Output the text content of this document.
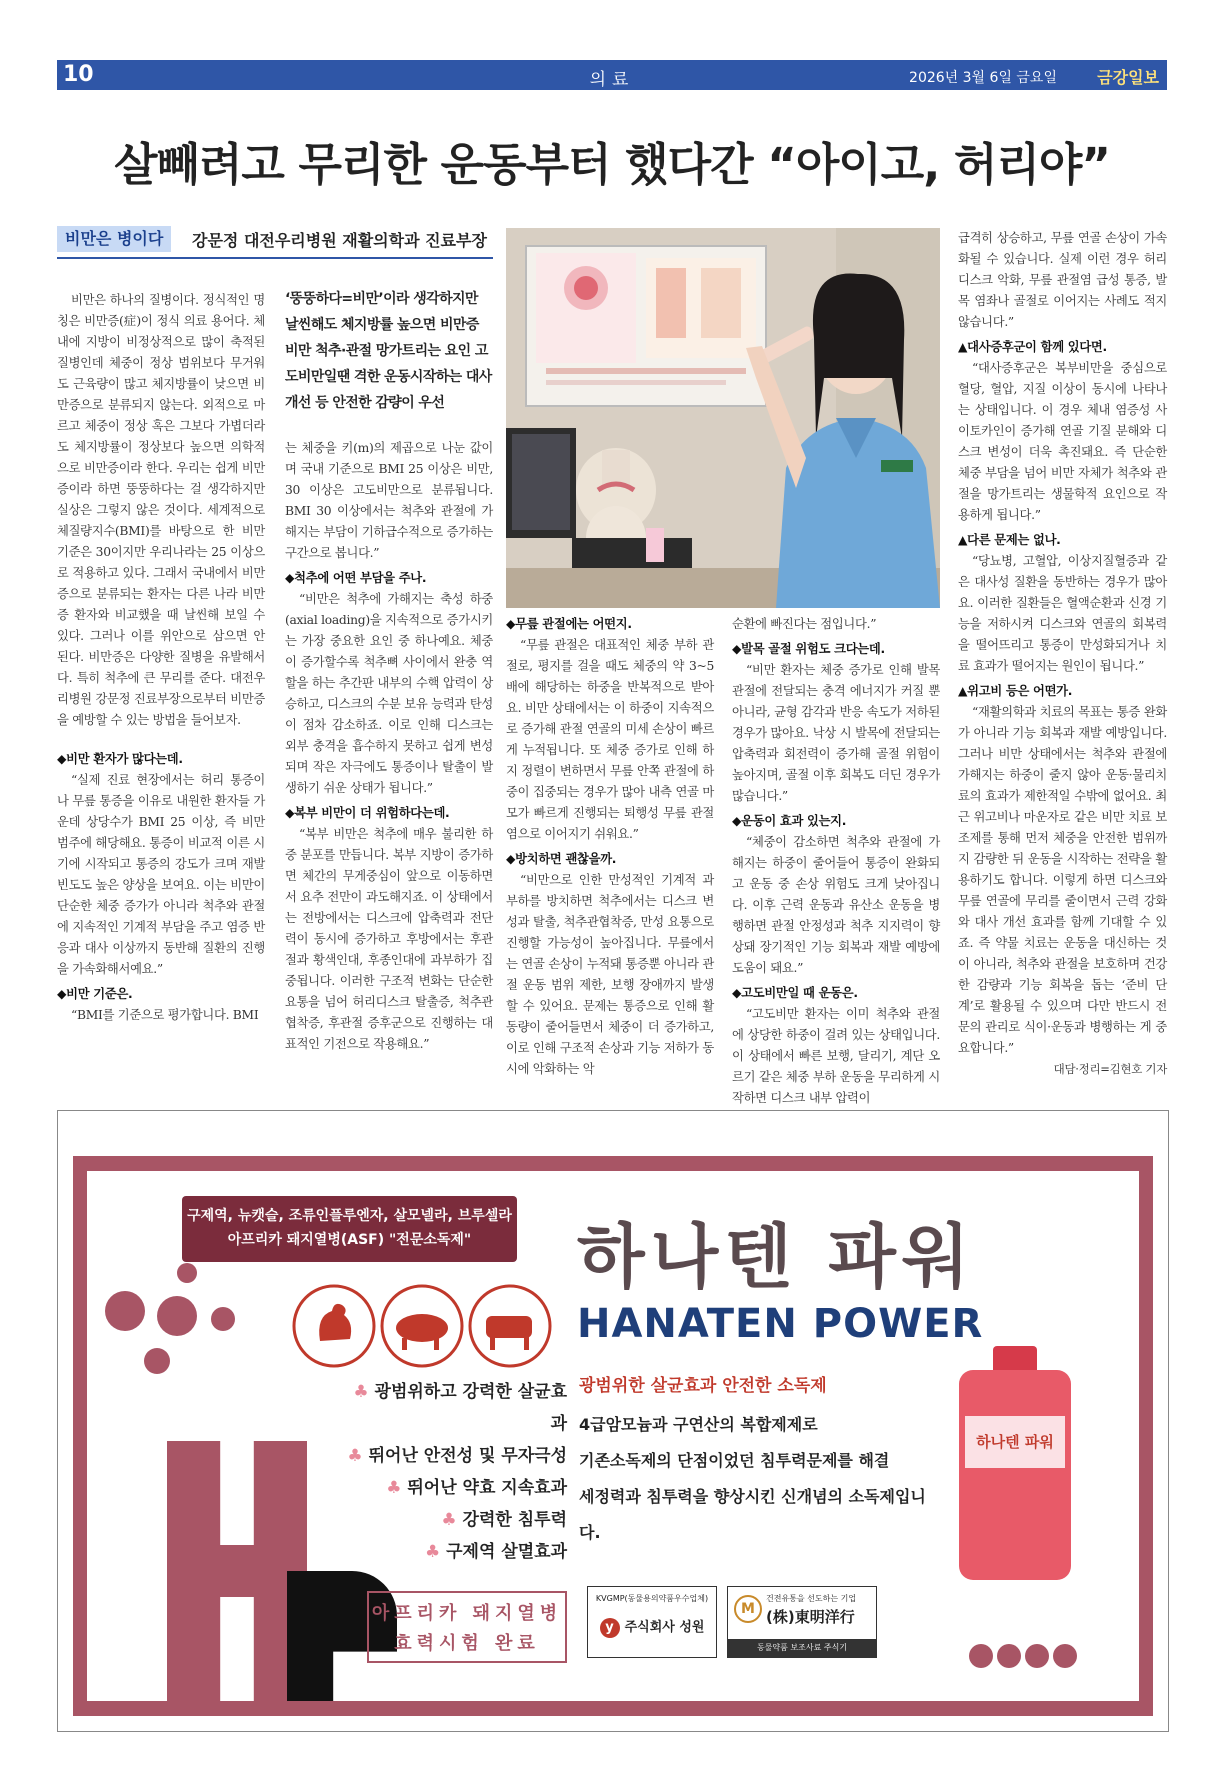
10	의료	2026년 3월 6일 금요일	금강일보
살빼려고 무리한 운동부터 했다간 “아이고, 허리야”
비만은 병이다	강문정 대전우리병원 재활의학과 진료부장

비만은 하나의 질병이다. 정식적인 명칭은 비만증(症)이 정식 의료 용어다. 체내에 지방이 비정상적으로 많이 축적된 질병인데 체중이 정상 범위보다 무거워도 근육량이 많고 체지방률이 낮으면 비만증으로 분류되지 않는다. 외적으로 마르고 체중이 정상 혹은 그보다 가볍더라도 체지방률이 정상보다 높으면 의학적으로 비만증이라 한다. 우리는 쉽게 비만증이라 하면 뚱뚱하다는 걸 생각하지만 실상은 그렇지 않은 것이다. 세계적으로 체질량지수(BMI)를 바탕으로 한 비만 기준은 30이지만 우리나라는 25 이상으로 적용하고 있다. 그래서 국내에서 비만증으로 분류되는 환자는 다른 나라 비만증 환자와 비교했을 때 날씬해 보일 수 있다. 그러나 이를 위안으로 삼으면 안 된다. 비만증은 다양한 질병을 유발해서다. 특히 척추에 큰 무리를 준다. 대전우리병원 강문정 진료부장으로부터 비만증을 예방할 수 있는 방법을 들어보자.

◆비만 환자가 많다는데.

“실제 진료 현장에서는 허리 통증이나 무릎 통증을 이유로 내원한 환자들 가운데 상당수가 BMI 25 이상, 즉 비만 범주에 해당해요. 통증이 비교적 이른 시기에 시작되고 통증의 강도가 크며 재발 빈도도 높은 양상을 보여요. 이는 비만이 단순한 체중 증가가 아니라 척추와 관절에 지속적인 기계적 부담을 주고 염증 반응과 대사 이상까지 동반해 질환의 진행을 가속화해서예요.”

◆비만 기준은.

“BMI를 기준으로 평가합니다. BMI

‘뚱뚱하다=비만’이라 생각하지만 날씬해도 체지방률 높으면 비만증 비만 척추·관절 망가트리는 요인 고도비만일땐 격한 운동시작하는 대사개선 등 안전한 감량이 우선

는 체중을 키(m)의 제곱으로 나눈 값이며 국내 기준으로 BMI 25 이상은 비만, 30 이상은 고도비만으로 분류됩니다. BMI 30 이상에서는 척추와 관절에 가해지는 부담이 기하급수적으로 증가하는 구간으로 봅니다.”

◆척추에 어떤 부담을 주나.

“비만은 척추에 가해지는 축성 하중(axial loading)을 지속적으로 증가시키는 가장 중요한 요인 중 하나예요. 체중이 증가할수록 척추뼈 사이에서 완충 역할을 하는 추간판 내부의 수핵 압력이 상승하고, 디스크의 수분 보유 능력과 탄성이 점차 감소하죠. 이로 인해 디스크는 외부 충격을 흡수하지 못하고 쉽게 변성되며 작은 자극에도 통증이나 탈출이 발생하기 쉬운 상태가 됩니다.”

◆복부 비만이 더 위험하다는데.

“복부 비만은 척추에 매우 불리한 하중 분포를 만듭니다. 복부 지방이 증가하면 체간의 무게중심이 앞으로 이동하면서 요추 전만이 과도해지죠. 이 상태에서는 전방에서는 디스크에 압축력과 전단력이 동시에 증가하고 후방에서는 후관절과 황색인대, 후종인대에 과부하가 집중됩니다. 이러한 구조적 변화는 단순한 요통을 넘어 허리디스크 탈출증, 척추관협착증, 후관절 증후군으로 진행하는 대표적인 기전으로 작용해요.”

◆무릎 관절에는 어떤지.

“무릎 관절은 대표적인 체중 부하 관절로, 평지를 걸을 때도 체중의 약 3~5배에 해당하는 하중을 반복적으로 받아요. 비만 상태에서는 이 하중이 지속적으로 증가해 관절 연골의 미세 손상이 빠르게 누적됩니다. 또 체중 증가로 인해 하지 정렬이 변하면서 무릎 안쪽 관절에 하중이 집중되는 경우가 많아 내측 연골 마모가 빠르게 진행되는 퇴행성 무릎 관절염으로 이어지기 쉬워요.”

◆방치하면 괜찮을까.

“비만으로 인한 만성적인 기계적 과부하를 방치하면 척추에서는 디스크 변성과 탈출, 척추관협착증, 만성 요통으로 진행할 가능성이 높아집니다. 무릎에서는 연골 손상이 누적돼 통증뿐 아니라 관절 운동 범위 제한, 보행 장애까지 발생할 수 있어요. 문제는 통증으로 인해 활동량이 줄어들면서 체중이 더 증가하고, 이로 인해 구조적 손상과 기능 저하가 동시에 악화하는 악

순환에 빠진다는 점입니다.”

◆발목 골절 위험도 크다는데.

“비만 환자는 체중 증가로 인해 발목 관절에 전달되는 충격 에너지가 커질 뿐 아니라, 균형 감각과 반응 속도가 저하된 경우가 많아요. 낙상 시 발목에 전달되는 압축력과 회전력이 증가해 골절 위험이 높아지며, 골절 이후 회복도 더딘 경우가 많습니다.”

◆운동이 효과 있는지.

“체중이 감소하면 척추와 관절에 가해지는 하중이 줄어들어 통증이 완화되고 운동 중 손상 위험도 크게 낮아집니다. 이후 근력 운동과 유산소 운동을 병행하면 관절 안정성과 척추 지지력이 향상돼 장기적인 기능 회복과 재발 예방에 도움이 돼요.”

◆고도비만일 때 운동은.

“고도비만 환자는 이미 척추와 관절에 상당한 하중이 걸려 있는 상태입니다. 이 상태에서 빠른 보행, 달리기, 계단 오르기 같은 체중 부하 운동을 무리하게 시작하면 디스크 내부 압력이

급격히 상승하고, 무릎 연골 손상이 가속화될 수 있습니다. 실제 이런 경우 허리디스크 악화, 무릎 관절염 급성 통증, 발목 염좌나 골절로 이어지는 사례도 적지 않습니다.”

▲대사증후군이 함께 있다면.

“대사증후군은 복부비만을 중심으로 혈당, 혈압, 지질 이상이 동시에 나타나는 상태입니다. 이 경우 체내 염증성 사이토카인이 증가해 연골 기질 분해와 디스크 변성이 더욱 촉진돼요. 즉 단순한 체중 부담을 넘어 비만 자체가 척추와 관절을 망가트리는 생물학적 요인으로 작용하게 됩니다.”

▲다른 문제는 없나.

“당뇨병, 고혈압, 이상지질혈증과 같은 대사성 질환을 동반하는 경우가 많아요. 이러한 질환들은 혈액순환과 신경 기능을 저하시켜 디스크와 연골의 회복력을 떨어뜨리고 통증이 만성화되거나 치료 효과가 떨어지는 원인이 됩니다.”

▲위고비 등은 어떤가.

“재활의학과 치료의 목표는 통증 완화가 아니라 기능 회복과 재발 예방입니다. 그러나 비만 상태에서는 척추와 관절에 가해지는 하중이 줄지 않아 운동·물리치료의 효과가 제한적일 수밖에 없어요. 최근 위고비나 마운자로 같은 비만 치료 보조제를 통해 먼저 체중을 안전한 범위까지 감량한 뒤 운동을 시작하는 전략을 활용하기도 합니다. 이렇게 하면 디스크와 무릎 연골에 무리를 줄이면서 근력 강화와 대사 개선 효과를 함께 기대할 수 있죠. 즉 약물 치료는 운동을 대신하는 것이 아니라, 척추와 관절을 보호하며 건강한 감량과 기능 회복을 돕는 ‘준비 단계’로 활용될 수 있으며 다만 반드시 전문의 관리로 식이·운동과 병행하는 게 중요합니다.”

대담·정리=김현호 기자

구제역, 뉴캣슬, 조류인플루엔자, 살모넬라, 브루셀라
아프리카 돼지열병(ASF) "전문소독제"
♣ 광범위하고 강력한 살균효과
♣ 뛰어난 안전성 및 무자극성
♣ 뛰어난 약효 지속효과
♣ 강력한 침투력
♣ 구제역 살멸효과
아프리카 돼지열병
효력시험 완료
하나텐 파워
HANATEN POWER
광범위한 살균효과 안전한 소독제
4급암모늄과 구연산의 복합제제로
기존소독제의 단점이었던 침투력문제를 해결
세정력과 침투력을 향상시킨 신개념의 소독제입니다.
하나텐 파워
KVGMP(동물용의약품우수업체)
y 주식회사 성원
건전유통을 선도하는 기업
M (株)東明洋行
동물약품 보조사료 주식기
